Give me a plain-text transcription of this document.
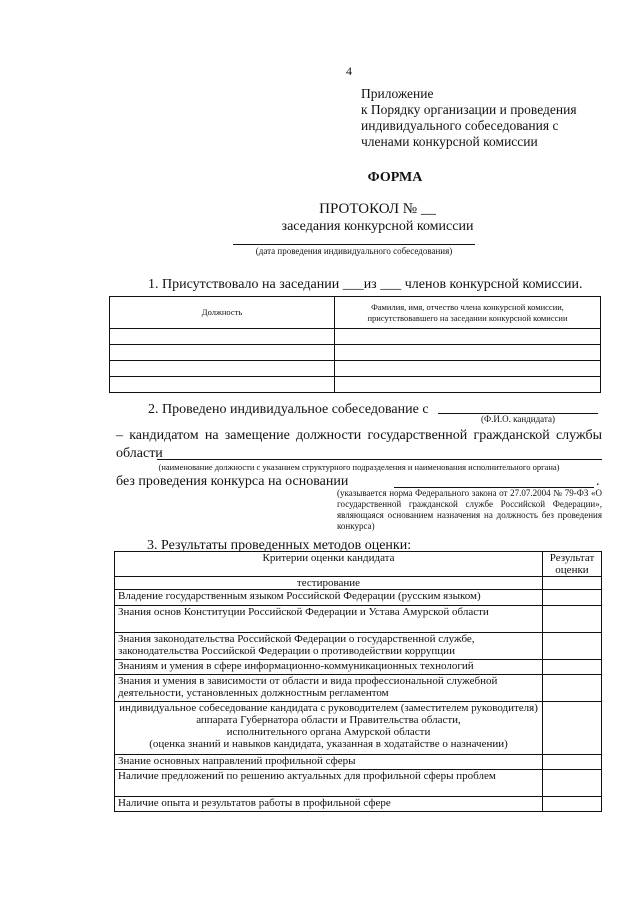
4
Приложение
к Порядку организации и проведения
индивидуального собеседования с
членами конкурсной комиссии
ФОРМА
ПРОТОКОЛ № __
заседания конкурсной комиссии
(дата проведения индивидуального собеседования)
1. Присутствовало на заседании ___из ___ членов конкурсной комиссии.
Должность	Фамилия, имя, отчество члена конкурсной комиссии, присутствовавшего на заседании конкурсной комиссии

2. Проведено индивидуальное собеседование с
(Ф.И.О. кандидата)
– кандидатом на замещение должности государственной гражданской службы
области
(наименование должности с указанием структурного подразделения и наименования исполнительного органа)
без проведения конкурса на основании	.
(указывается норма Федерального закона от 27.07.2004 № 79-ФЗ «О государственной гражданской службе Российской Федерации», являющаяся основанием назначения на должность без проведения конкурса)
3. Результаты проведенных методов оценки:
Критерии оценки кандидата	Результат оценки
тестирование	
Владение государственным языком Российской Федерации (русским языком)	
Знания основ Конституции Российской Федерации и Устава Амурской области	
Знания законодательства Российской Федерации о государственной службе, законодательства Российской Федерации о противодействии коррупции	
Знаниям и умения в сфере информационно-коммуникационных технологий	
Знания и умения в зависимости от области и вида профессиональной служебной деятельности, установленных должностным регламентом	

индивидуальное собеседование кандидата с руководителем (заместителем руководителя)
аппарата Губернатора области и Правительства области,
исполнительного органа Амурской области
(оценка знаний и навыков кандидата, указанная в ходатайстве о назначении)	

Знание основных направлений профильной сферы	
Наличие предложений по решению актуальных для профильной сферы проблем	
Наличие опыта и результатов работы в профильной сфере	
